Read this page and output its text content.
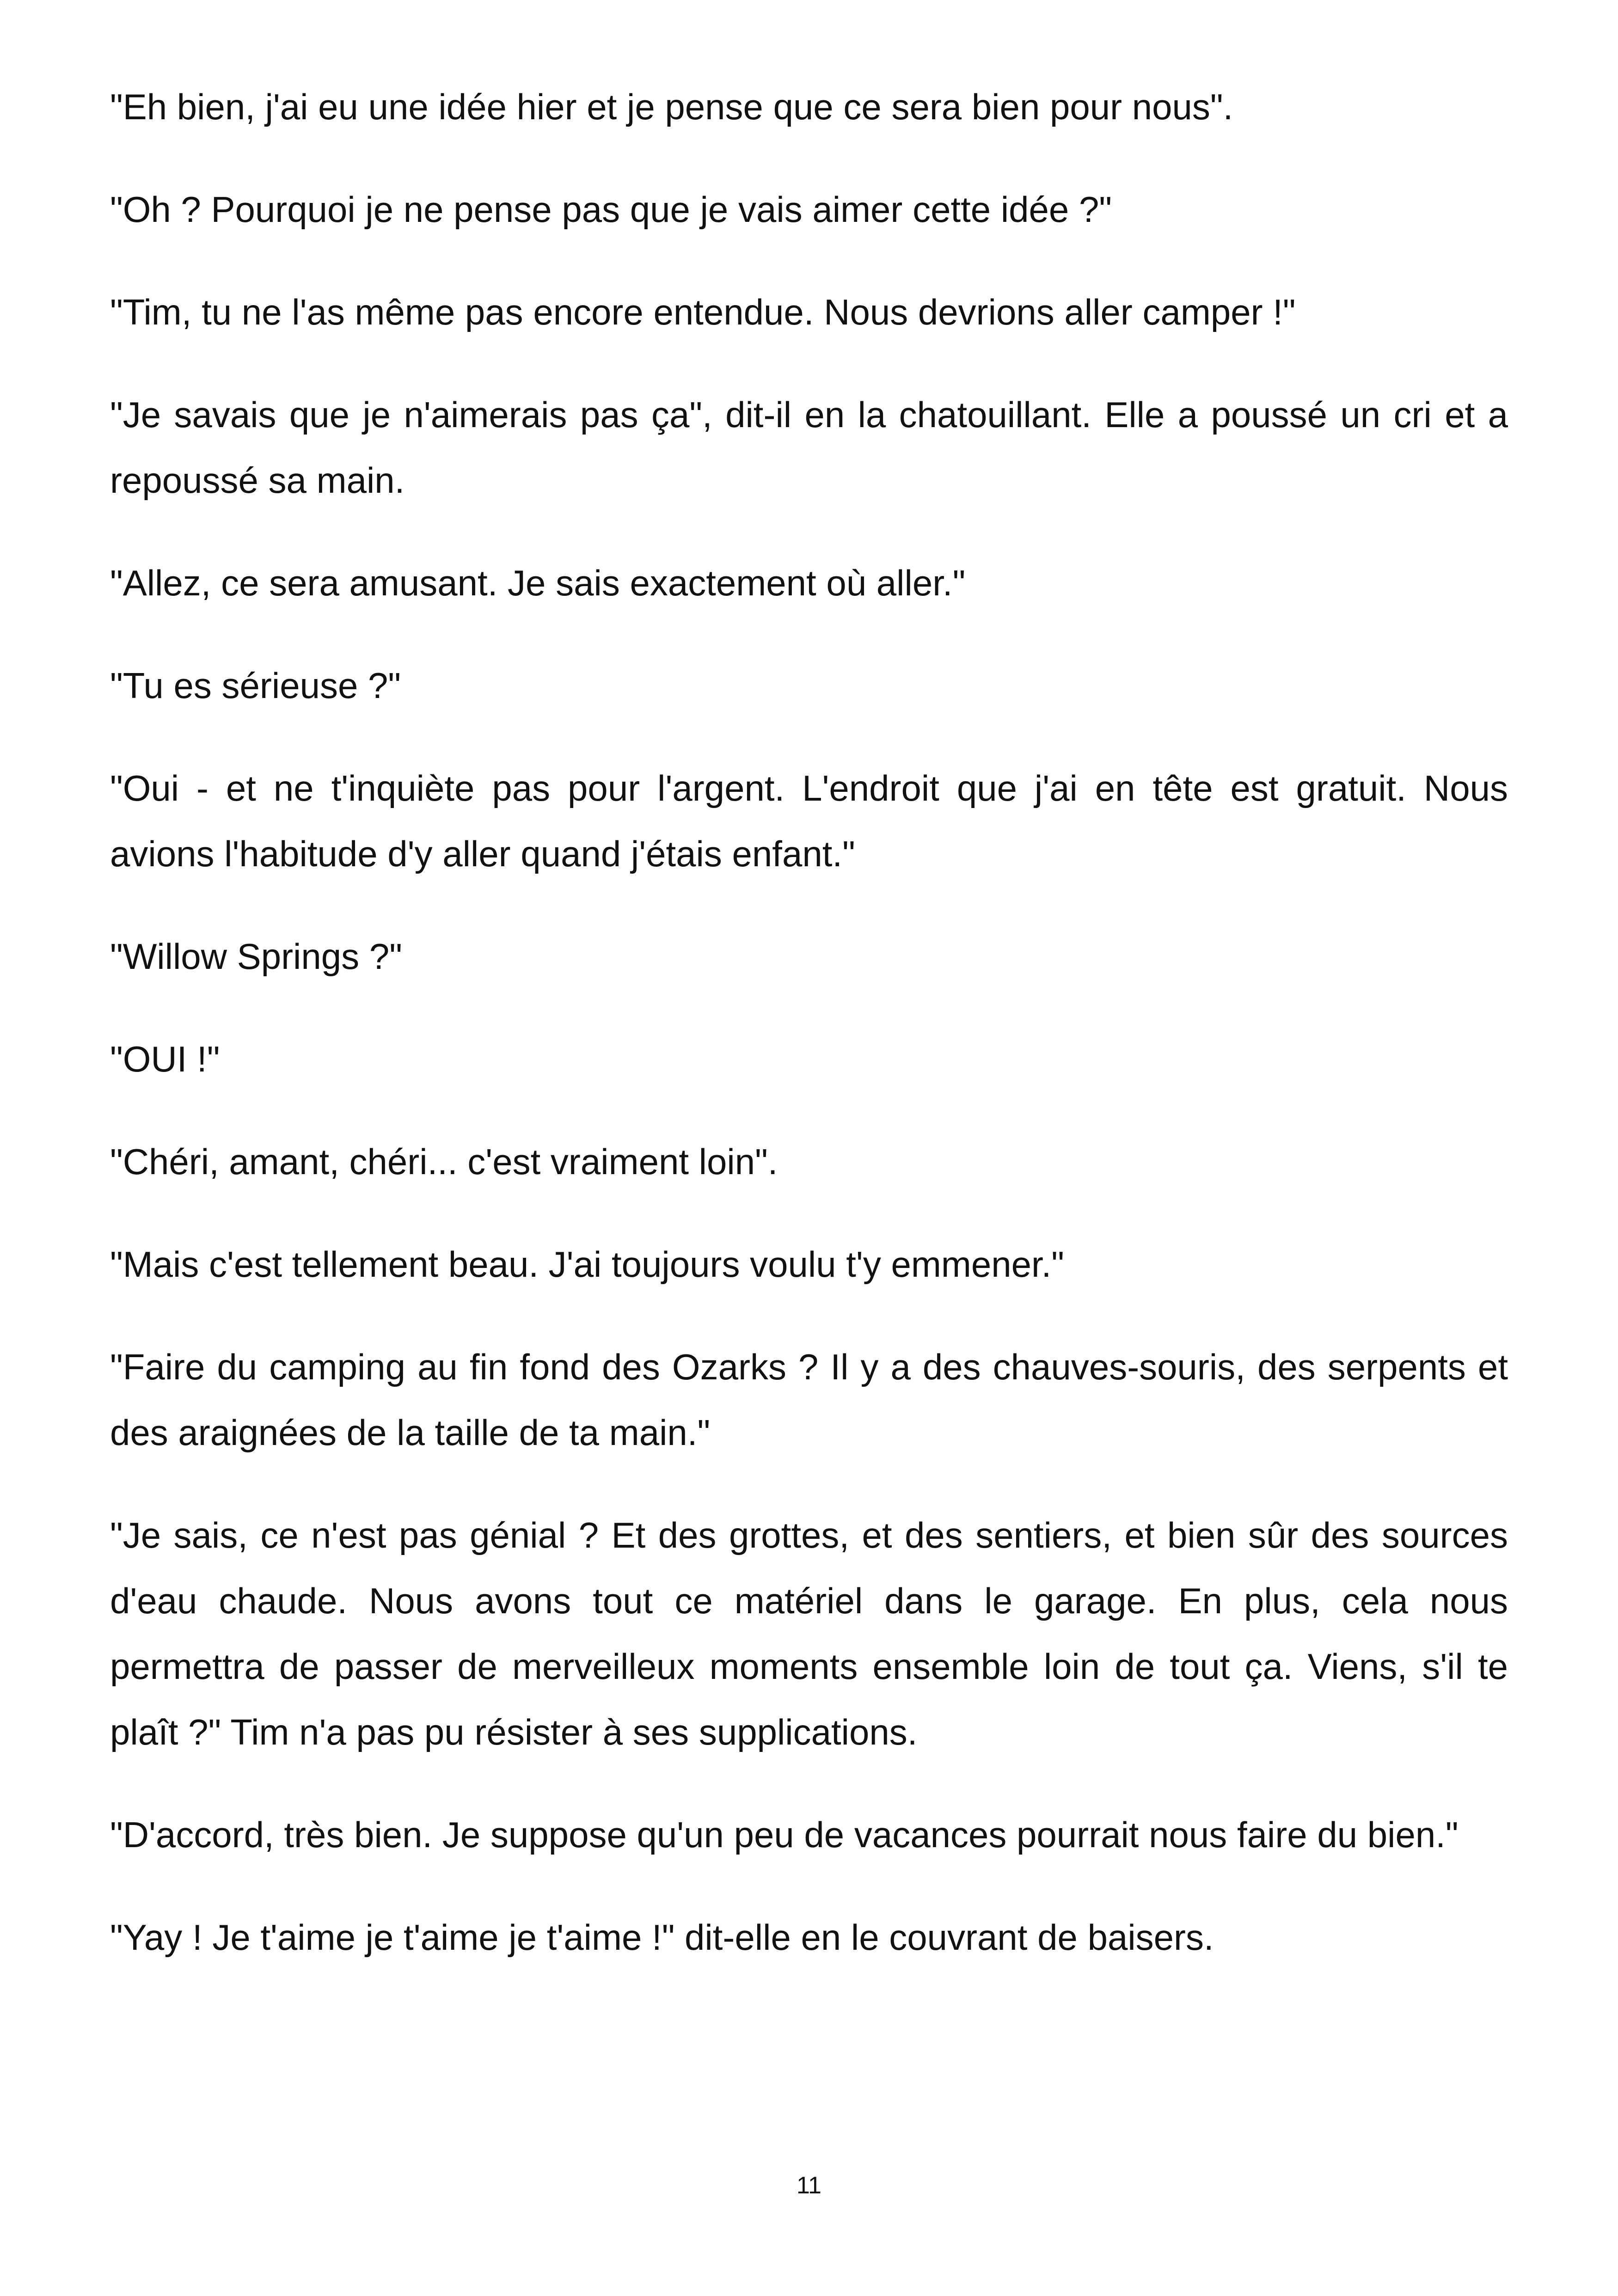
"Eh bien, j'ai eu une idée hier et je pense que ce sera bien pour nous".

"Oh ? Pourquoi je ne pense pas que je vais aimer cette idée ?"

"Tim, tu ne l'as même pas encore entendue. Nous devrions aller camper !"

"Je savais que je n'aimerais pas ça", dit-il en la chatouillant. Elle a poussé un cri et a repoussé sa main.

"Allez, ce sera amusant. Je sais exactement où aller."

"Tu es sérieuse ?"

"Oui - et ne t'inquiète pas pour l'argent. L'endroit que j'ai en tête est gratuit. Nous avions l'habitude d'y aller quand j'étais enfant."

"Willow Springs ?"

"OUI !"

"Chéri, amant, chéri... c'est vraiment loin".

"Mais c'est tellement beau. J'ai toujours voulu t'y emmener."

"Faire du camping au fin fond des Ozarks ? Il y a des chauves-souris, des serpents et des araignées de la taille de ta main."

"Je sais, ce n'est pas génial ? Et des grottes, et des sentiers, et bien sûr des sources d'eau chaude. Nous avons tout ce matériel dans le garage. En plus, cela nous permettra de passer de merveilleux moments ensemble loin de tout ça. Viens, s'il te plaît ?" Tim n'a pas pu résister à ses supplications.

"D'accord, très bien. Je suppose qu'un peu de vacances pourrait nous faire du bien."

"Yay ! Je t'aime je t'aime je t'aime !" dit-elle en le couvrant de baisers.

11
